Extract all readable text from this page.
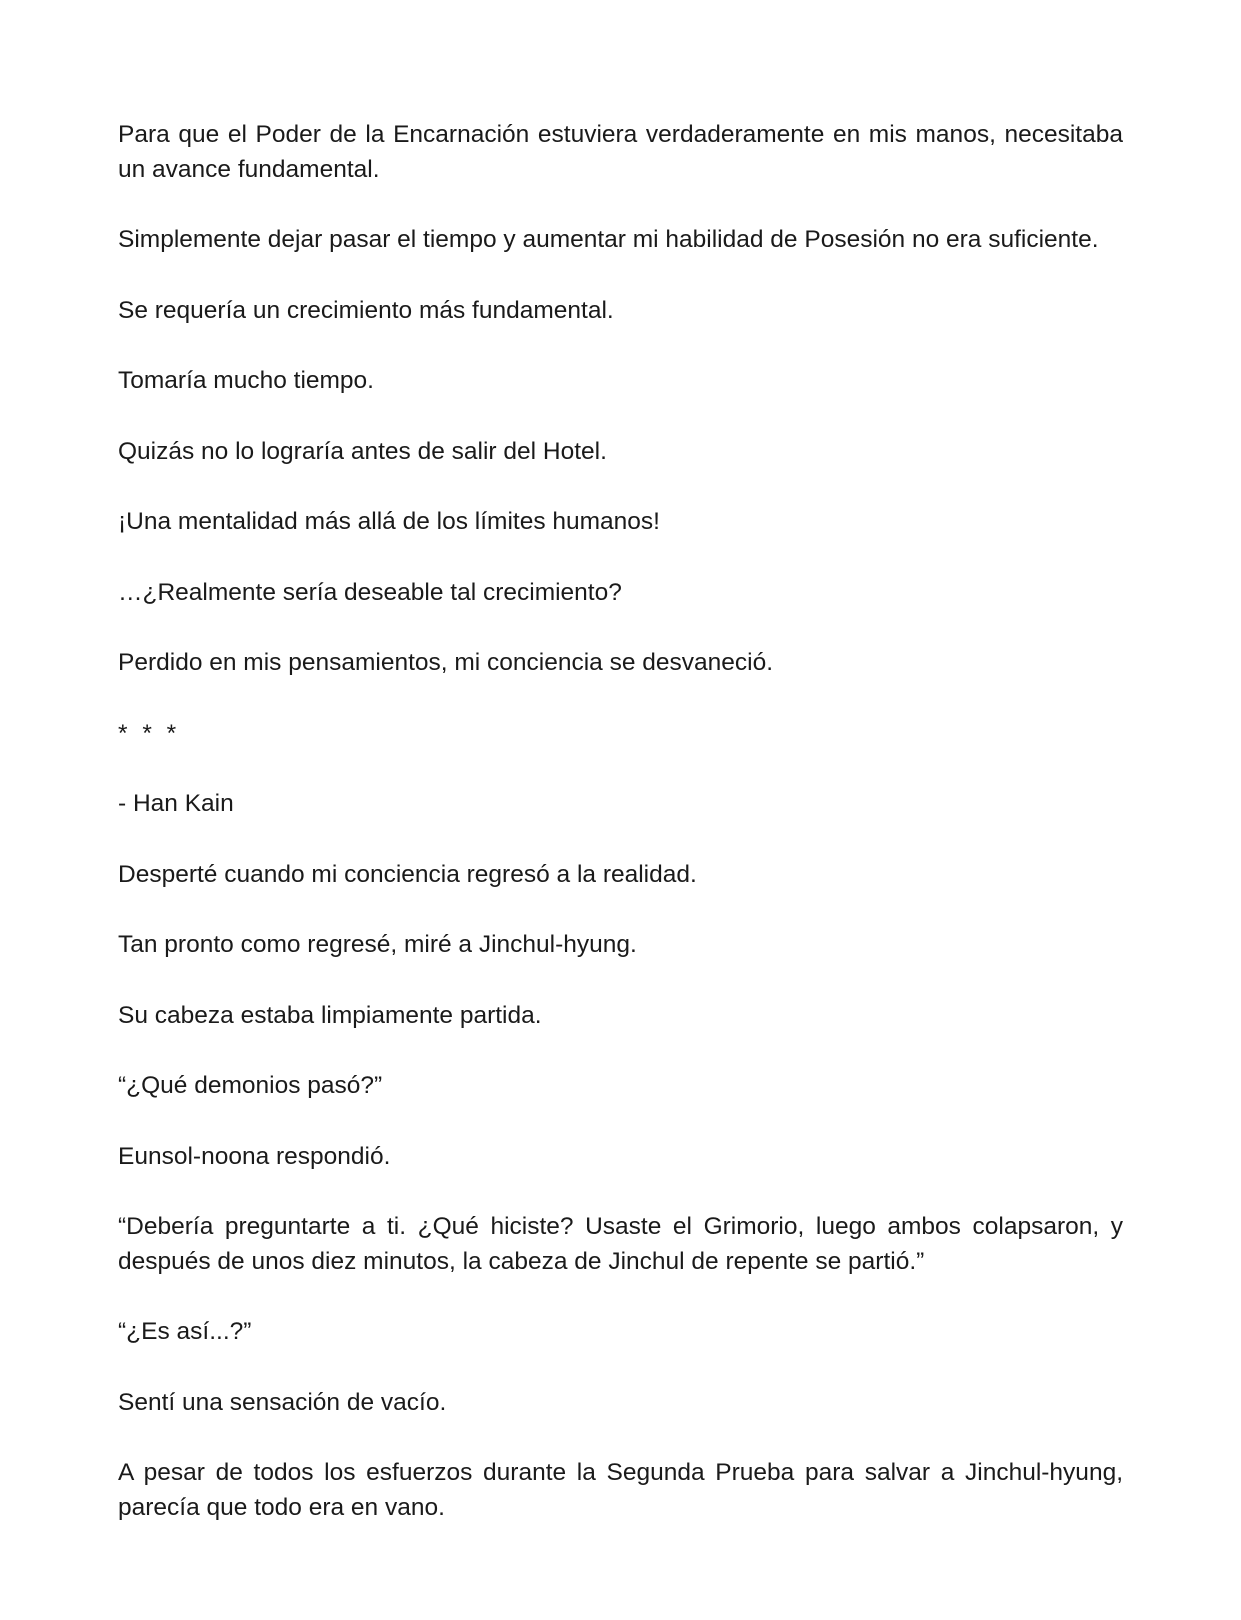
Para que el Poder de la Encarnación estuviera verdaderamente en mis manos, necesitaba un avance fundamental.

Simplemente dejar pasar el tiempo y aumentar mi habilidad de Posesión no era suficiente.

Se requería un crecimiento más fundamental.

Tomaría mucho tiempo.

Quizás no lo lograría antes de salir del Hotel.

¡Una mentalidad más allá de los límites humanos!

…¿Realmente sería deseable tal crecimiento?

Perdido en mis pensamientos, mi conciencia se desvaneció.

* * *

- Han Kain

Desperté cuando mi conciencia regresó a la realidad.

Tan pronto como regresé, miré a Jinchul-hyung.

Su cabeza estaba limpiamente partida.

“¿Qué demonios pasó?”

Eunsol-noona respondió.

“Debería preguntarte a ti. ¿Qué hiciste? Usaste el Grimorio, luego ambos colapsaron, y después de unos diez minutos, la cabeza de Jinchul de repente se partió.”

“¿Es así...?”

Sentí una sensación de vacío.

A pesar de todos los esfuerzos durante la Segunda Prueba para salvar a Jinchul-hyung, parecía que todo era en vano.
